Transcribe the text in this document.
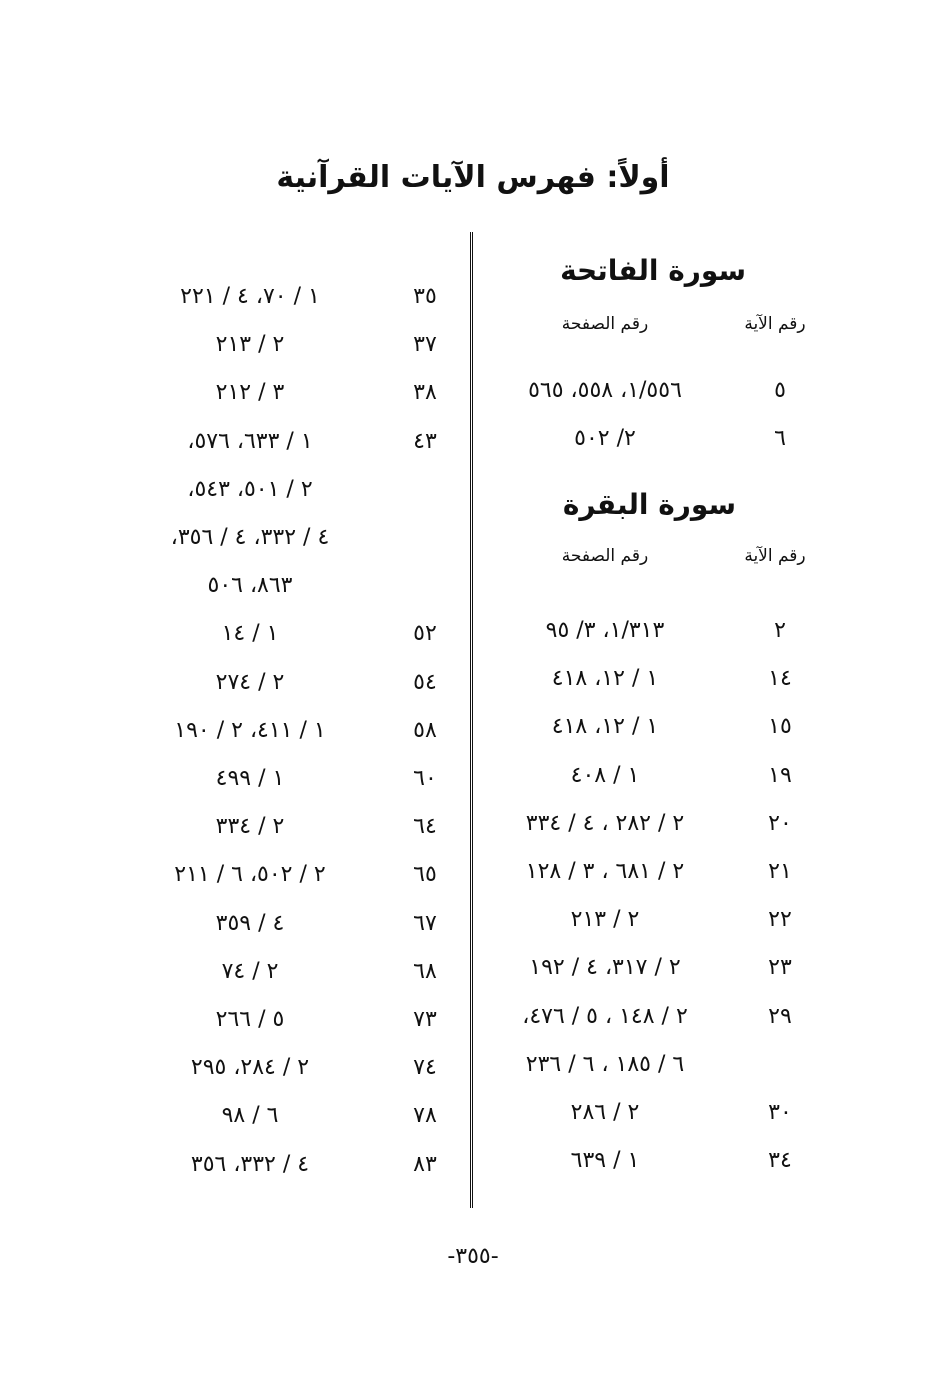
أولاً: فهرس الآيات القرآنية
سورة الفاتحة
رقم الآية
رقم الصفحة
٥
١/٥٥٦، ٥٥٨، ٥٦٥
٦
٢/ ٥٠٢
سورة البقرة
رقم الآية
رقم الصفحة
٢
١/٣١٣، ٣/ ٩٥
١٤
١ / ١٢، ٤١٨
١٥
١ / ١٢، ٤١٨
١٩
١ / ٤٠٨
٢٠
٢ / ٢٨٢ ، ٤ / ٣٣٤
٢١
٢ / ٦٨١ ، ٣ / ١٢٨
٢٢
٢ / ٢١٣
٢٣
٢ / ٣١٧، ٤ / ١٩٢
٢٩
٢ / ١٤٨ ، ٥ / ٤٧٦،
٦ / ١٨٥ ، ٦ / ٢٣٦
٣٠
٢ / ٢٨٦
٣٤
١ / ٦٣٩
٣٥
١ / ٧٠، ٤ / ٢٢١
٣٧
٢ / ٢١٣
٣٨
٣ / ٢١٢
٤٣
١ / ٦٣٣، ٥٧٦،
٢ / ٥٠١، ٥٤٣،
٤ / ٣٣٢، ٤ / ٣٥٦،
٨٦٣، ٥٠٦
٥٢
١ / ١٤
٥٤
٢ / ٢٧٤
٥٨
١ / ٤١١، ٢ / ١٩٠
٦٠
١ / ٤٩٩
٦٤
٢ / ٣٣٤
٦٥
٢ / ٥٠٢، ٦ / ٢١١
٦٧
٤ / ٣٥٩
٦٨
٢ / ٧٤
٧٣
٥ / ٢٦٦
٧٤
٢ / ٢٨٤، ٢٩٥
٧٨
٦ / ٩٨
٨٣
٤ / ٣٣٢، ٣٥٦
-٣٥٥-
